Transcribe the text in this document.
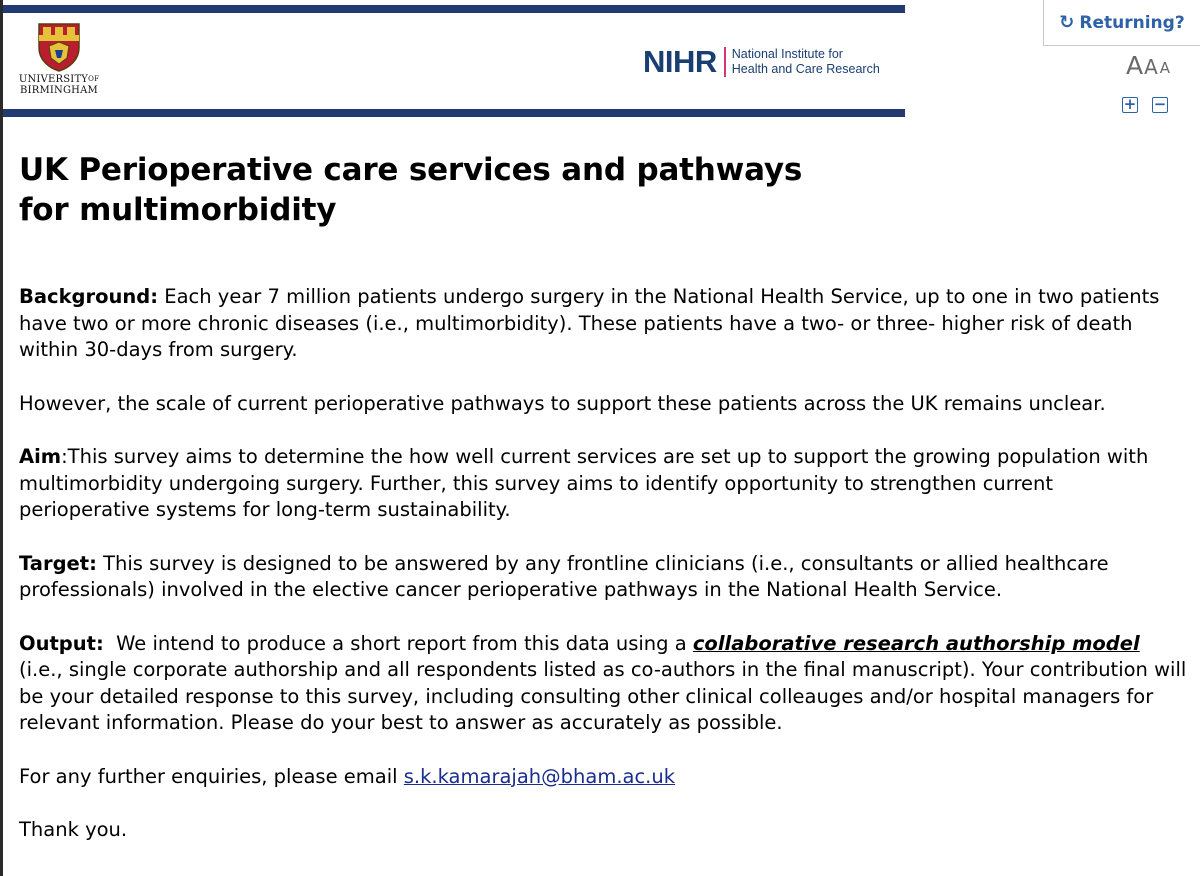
$UNIVERSITY^{OF}$
BIRMINGHAM
NIHR National Institute for
Health and Care Research
↻ Returning?
A A A
+ −
UK Perioperative care services and pathways for multimorbidity

Background: Each year 7 million patients undergo surgery in the National Health Service, up to one in two patients have two or more chronic diseases (i.e., multimorbidity). These patients have a two- or three- higher risk of death within 30-days from surgery.

However, the scale of current perioperative pathways to support these patients across the UK remains unclear.

Aim:This survey aims to determine the how well current services are set up to support the growing population with multimorbidity undergoing surgery. Further, this survey aims to identify opportunity to strengthen current perioperative systems for long-term sustainability.

Target: This survey is designed to be answered by any frontline clinicians (i.e., consultants or allied healthcare professionals) involved in the elective cancer perioperative pathways in the National Health Service.

Output:  We intend to produce a short report from this data using a collaborative research authorship model (i.e., single corporate authorship and all respondents listed as co-authors in the final manuscript). Your contribution will be your detailed response to this survey, including consulting other clinical colleauges and/or hospital managers for relevant information. Please do your best to answer as accurately as possible.

For any further enquiries, please email s.k.kamarajah@bham.ac.uk

Thank you.
